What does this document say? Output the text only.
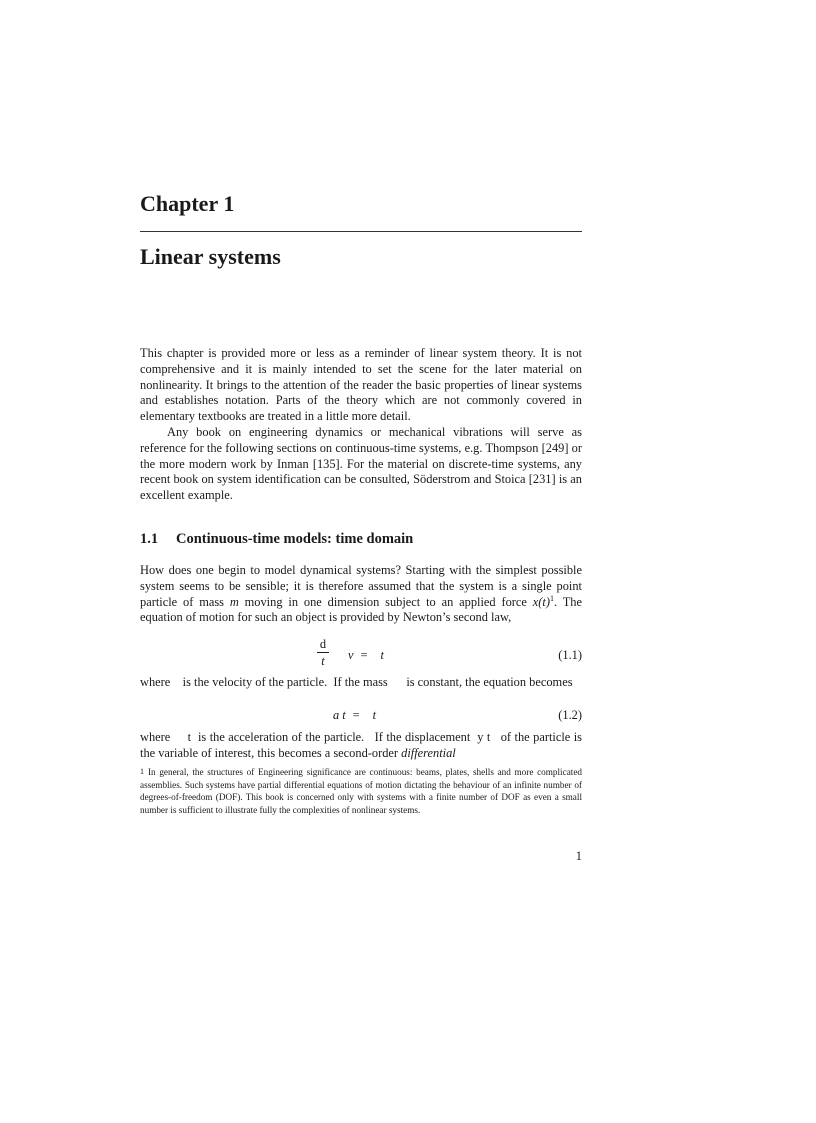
Chapter 1
Linear systems

This chapter is provided more or less as a reminder of linear system theory. It is not comprehensive and it is mainly intended to set the scene for the later material on nonlinearity. It brings to the attention of the reader the basic properties of linear systems and establishes notation. Parts of the theory which are not commonly covered in elementary textbooks are treated in a little more detail.

Any book on engineering dynamics or mechanical vibrations will serve as reference for the following sections on continuous-time systems, e.g. Thompson [249] or the more modern work by Inman [135]. For the material on discrete-time systems, any recent book on system identification can be consulted, Söderstrom and Stoica [231] is an excellent example.

1.1 Continuous-time models: time domain

How does one begin to model dynamical systems? Starting with the simplest possible system seems to be sensible; it is therefore assumed that the system is a single point particle of mass m moving in one dimension subject to an applied force $x(t)^1$. The equation of motion for such an object is provided by Newton’s second law,

d
t	v  =    t	(1.1)

where    is the velocity of the particle.  If the mass      is constant, the equation becomes

a t  =    t	(1.2)

where     t  is the acceleration of the particle.   If the displacement  y t   of the particle is the variable of interest, this becomes a second-order differential

1 In general, the structures of Engineering significance are continuous: beams, plates, shells and more complicated assemblies. Such systems have partial differential equations of motion dictating the behaviour of an infinite number of degrees-of-freedom (DOF). This book is concerned only with systems with a finite number of DOF as even a small number is sufficient to illustrate fully the complexities of nonlinear systems.

1
